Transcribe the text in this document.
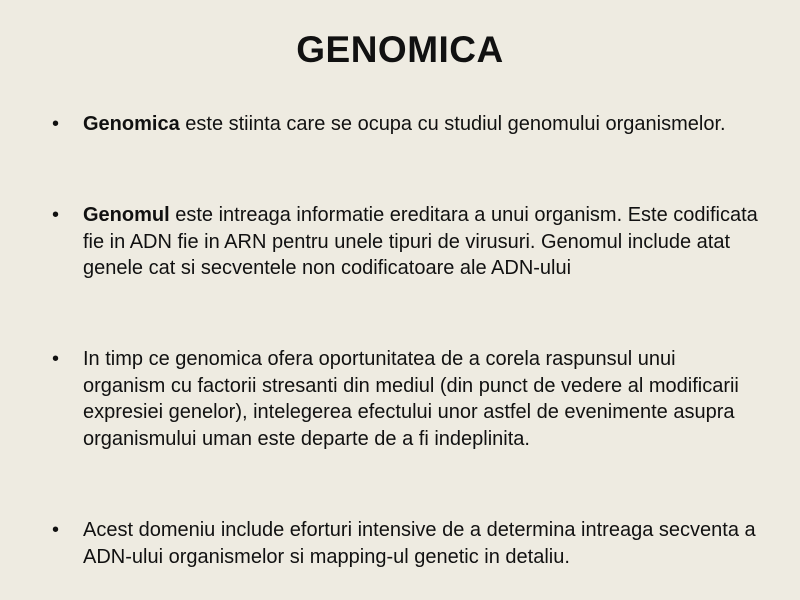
GENOMICA
• Genomica este stiinta care se ocupa cu studiul genomului organismelor.
• Genomul este intreaga informatie ereditara a unui organism. Este codificata fie in ADN fie in ARN pentru unele tipuri de virusuri. Genomul include atat genele cat si secventele non codificatoare ale ADN-ului
• In timp ce genomica ofera oportunitatea de a corela raspunsul unui organism cu factorii stresanti din mediul (din punct de vedere al modificarii expresiei genelor), intelegerea efectului unor astfel de evenimente asupra organismului uman este departe de a fi indeplinita.
• Acest domeniu include eforturi intensive de a determina intreaga secventa a ADN-ului organismelor si mapping-ul genetic in detaliu.
